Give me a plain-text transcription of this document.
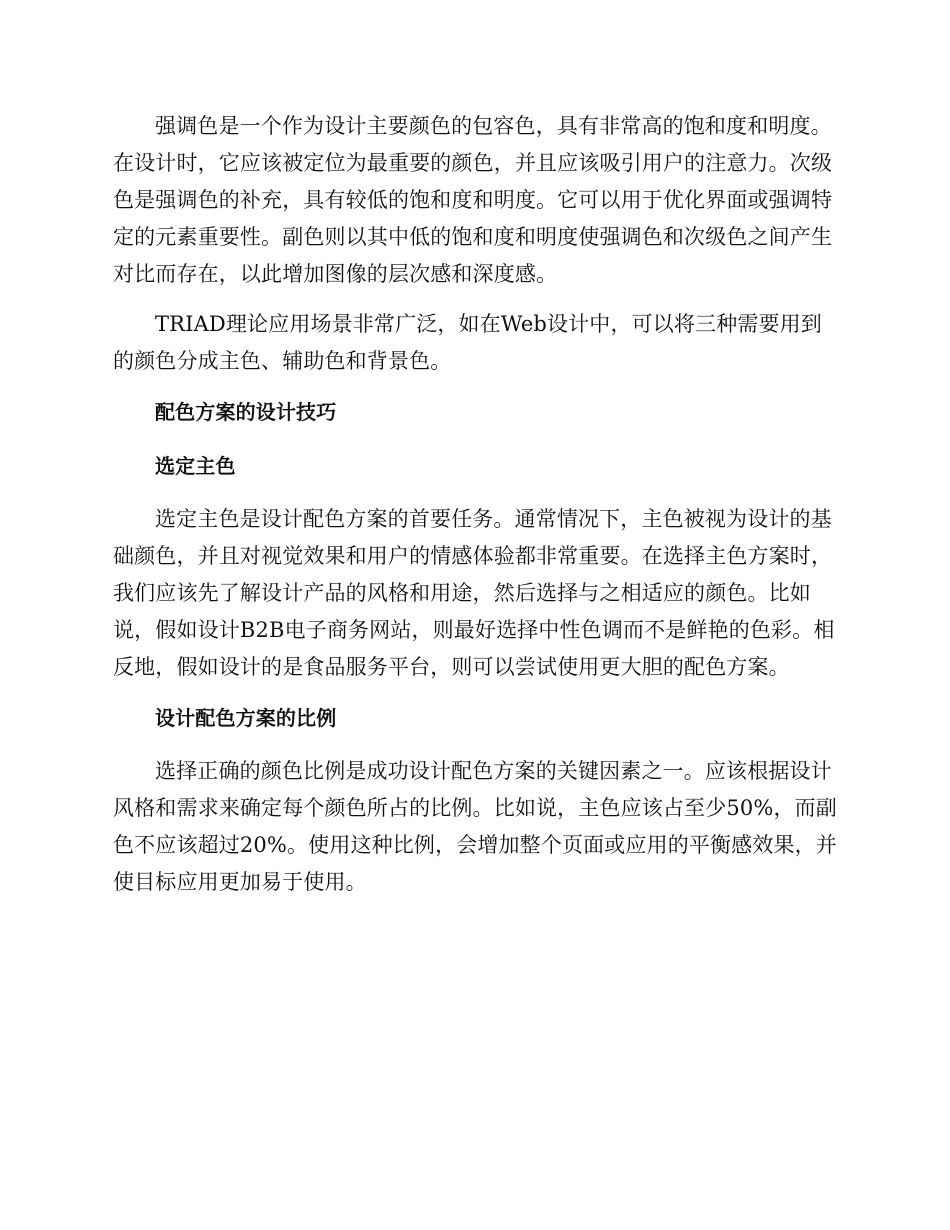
强调色是一个作为设计主要颜色的包容色，具有非常高的饱和度和明度。在设计时，它应该被定位为最重要的颜色，并且应该吸引用户的注意力。次级色是强调色的补充，具有较低的饱和度和明度。它可以用于优化界面或强调特定的元素重要性。副色则以其中低的饱和度和明度使强调色和次级色之间产生对比而存在，以此增加图像的层次感和深度感。

TRIAD理论应用场景非常广泛，如在Web设计中，可以将三种需要用到的颜色分成主色、辅助色和背景色。

配色方案的设计技巧
选定主色

选定主色是设计配色方案的首要任务。通常情况下，主色被视为设计的基础颜色，并且对视觉效果和用户的情感体验都非常重要。在选择主色方案时，我们应该先了解设计产品的风格和用途，然后选择与之相适应的颜色。比如说，假如设计B2B电子商务网站，则最好选择中性色调而不是鲜艳的色彩。相反地，假如设计的是食品服务平台，则可以尝试使用更大胆的配色方案。

设计配色方案的比例

选择正确的颜色比例是成功设计配色方案的关键因素之一。应该根据设计风格和需求来确定每个颜色所占的比例。比如说，主色应该占至少50%，而副色不应该超过20%。使用这种比例，会增加整个页面或应用的平衡感效果，并使目标应用更加易于使用。
